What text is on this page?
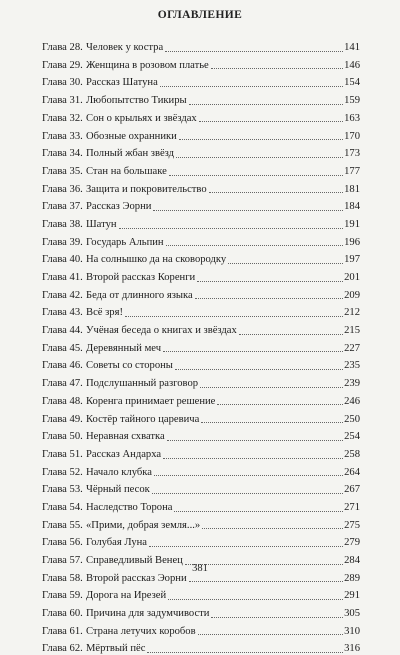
ОГЛАВЛЕНИЕ
Глава 28. Человек у костра	141
Глава 29. Женщина в розовом платье	146
Глава 30. Рассказ Шатуна	154
Глава 31. Любопытство Тикиры	159
Глава 32. Сон о крыльях и звёздах	163
Глава 33. Обозные охранники	170
Глава 34. Полный жбан звёзд	173
Глава 35. Стан на большаке	177
Глава 36. Защита и покровительство	181
Глава 37. Рассказ Эорни	184
Глава 38. Шатун	191
Глава 39. Государь Альпин	196
Глава 40. На солнышко да на сковородку	197
Глава 41. Второй рассказ Коренги	201
Глава 42. Беда от длинного языка	209
Глава 43. Всё зря!	212
Глава 44. Учёная беседа о книгах и звёздах	215
Глава 45. Деревянный меч	227
Глава 46. Советы со стороны	235
Глава 47. Подслушанный разговор	239
Глава 48. Коренга принимает решение	246
Глава 49. Костёр тайного царевича	250
Глава 50. Неравная схватка	254
Глава 51. Рассказ Андарха	258
Глава 52. Начало клубка	264
Глава 53. Чёрный песок	267
Глава 54. Наследство Торона	271
Глава 55. «Прими, добрая земля...»	275
Глава 56. Голубая Луна	279
Глава 57. Справедливый Венец	284
Глава 58. Второй рассказ Эорни	289
Глава 59. Дорога на Ирезей	291
Глава 60. Причина для задумчивости	305
Глава 61. Страна летучих коробов	310
Глава 62. Мёртвый пёс	316
381
